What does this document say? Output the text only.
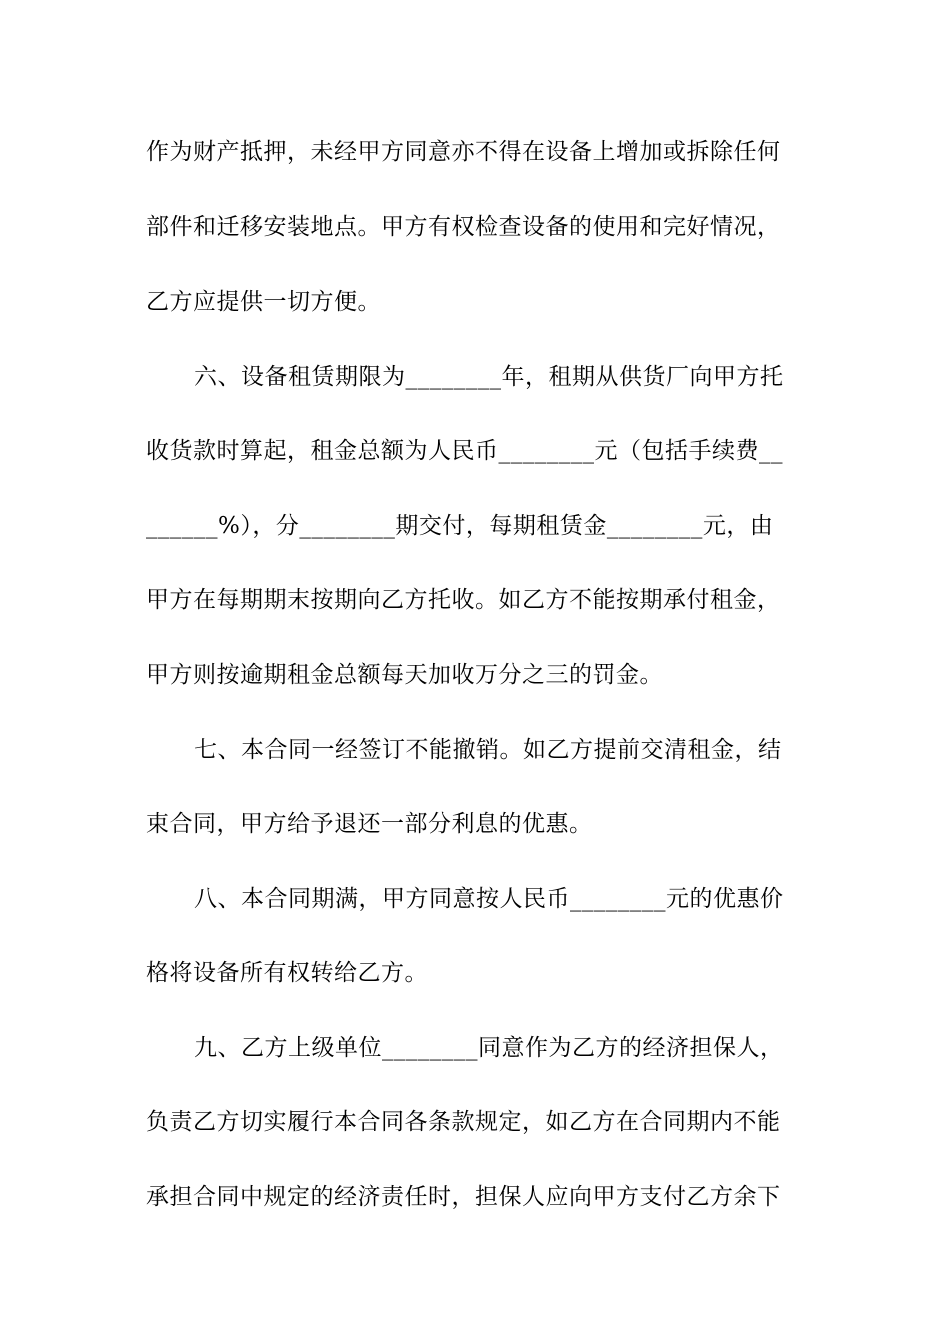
作为财产抵押，未经甲方同意亦不得在设备上增加或拆除任何
部件和迁移安装地点。甲方有权检查设备的使用和完好情况，
乙方应提供一切方便。
六、设备租赁期限为________年，租期从供货厂向甲方托
收货款时算起，租金总额为人民币________元（包括手续费__
______%），分________期交付，每期租赁金________元，由
甲方在每期期末按期向乙方托收。如乙方不能按期承付租金，
甲方则按逾期租金总额每天加收万分之三的罚金。
七、本合同一经签订不能撤销。如乙方提前交清租金，结
束合同，甲方给予退还一部分利息的优惠。
八、本合同期满，甲方同意按人民币________元的优惠价
格将设备所有权转给乙方。
九、乙方上级单位________同意作为乙方的经济担保人，
负责乙方切实履行本合同各条款规定，如乙方在合同期内不能
承担合同中规定的经济责任时，担保人应向甲方支付乙方余下
